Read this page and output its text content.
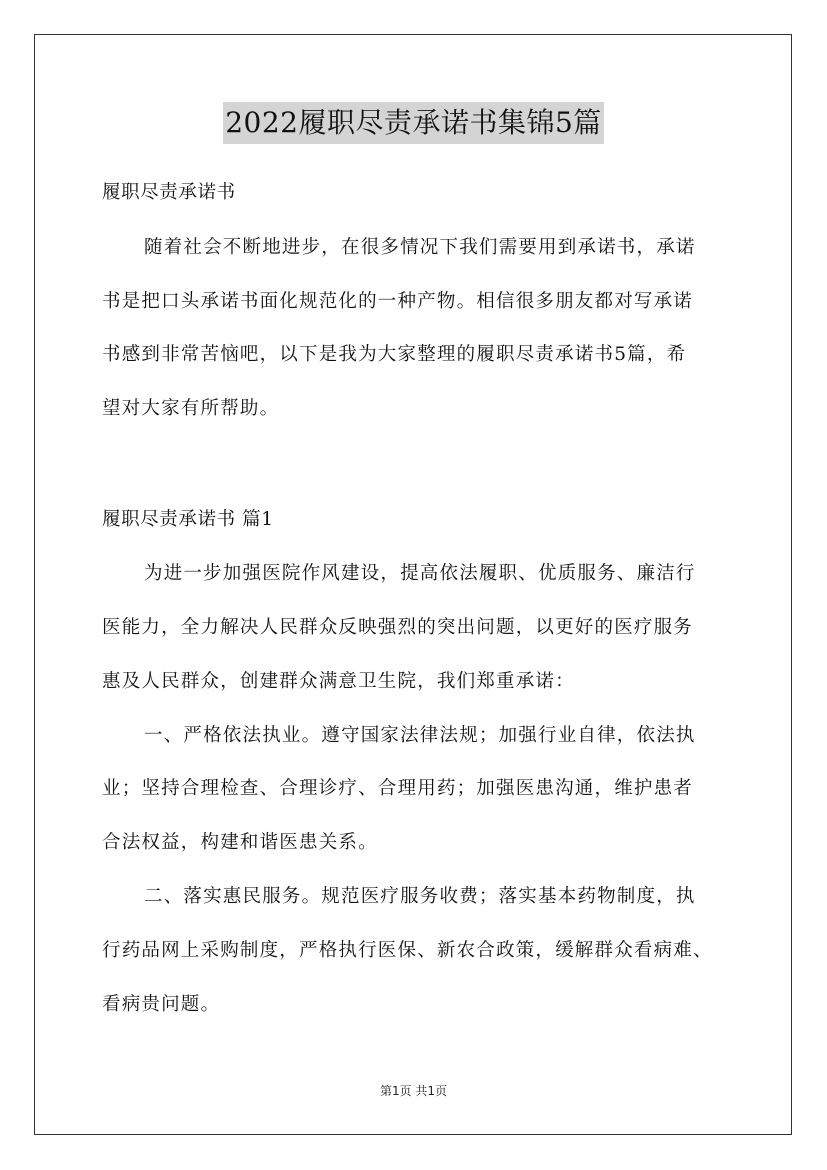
2022履职尽责承诺书集锦5篇
履职尽责承诺书
随着社会不断地进步，在很多情况下我们需要用到承诺书，承诺
书是把口头承诺书面化规范化的一种产物。相信很多朋友都对写承诺
书感到非常苦恼吧，以下是我为大家整理的履职尽责承诺书5篇，希
望对大家有所帮助。
履职尽责承诺书 篇1
为进一步加强医院作风建设，提高依法履职、优质服务、廉洁行
医能力，全力解决人民群众反映强烈的突出问题，以更好的医疗服务
惠及人民群众，创建群众满意卫生院，我们郑重承诺：
一、严格依法执业。遵守国家法律法规；加强行业自律，依法执
业；坚持合理检查、合理诊疗、合理用药；加强医患沟通，维护患者
合法权益，构建和谐医患关系。
二、落实惠民服务。规范医疗服务收费；落实基本药物制度，执
行药品网上采购制度，严格执行医保、新农合政策，缓解群众看病难、
看病贵问题。
第1页 共1页
